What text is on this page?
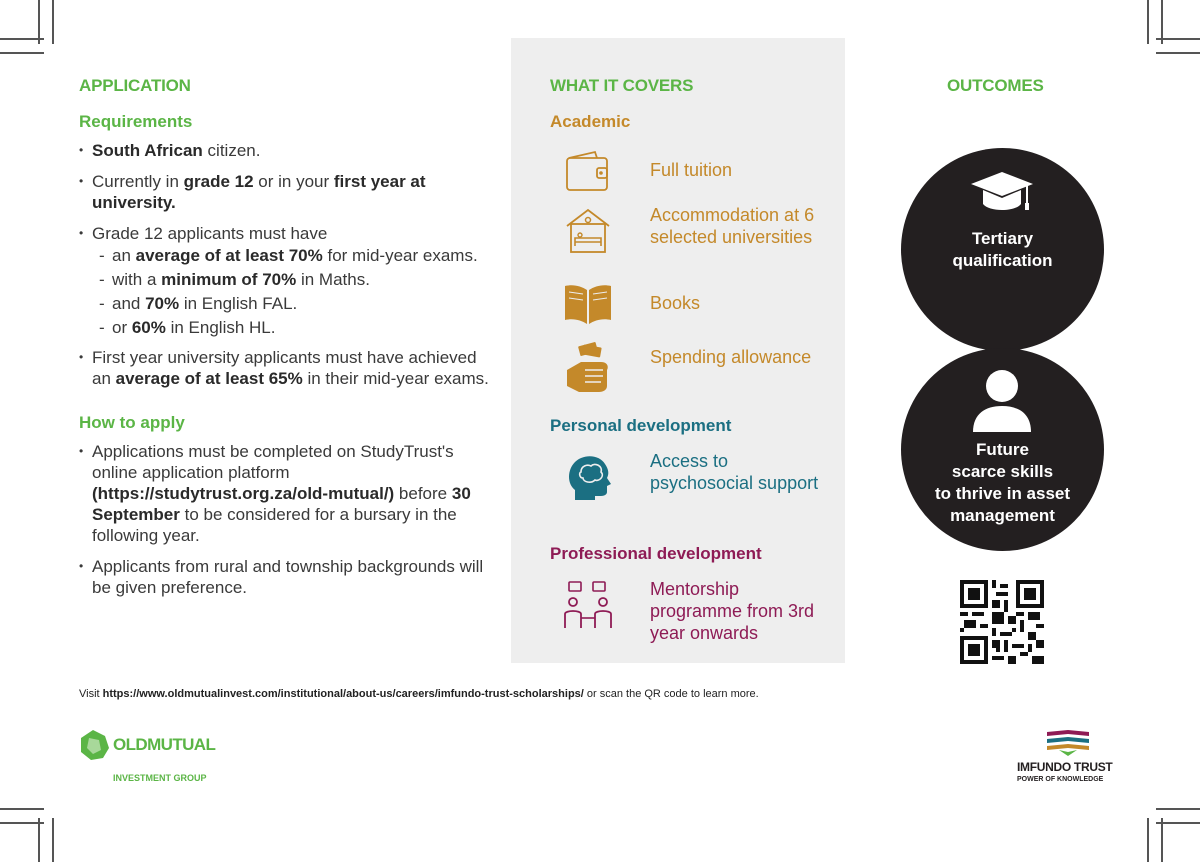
APPLICATION
Requirements
• South African citizen.
• Currently in grade 12 or in your first year at university.
• Grade 12 applicants must have
- an average of at least 70% for mid-year exams.
- with a minimum of 70% in Maths.
- and 70% in English FAL.
- or 60% in English HL.
• First year university applicants must have achieved an average of at least 65% in their mid-year exams.
How to apply
• Applications must be completed on StudyTrust's online application platform (https://studytrust.org.za/old-mutual/) before 30 September to be considered for a bursary in the following year.
• Applicants from rural and township backgrounds will be given preference.
WHAT IT COVERS
Academic
Full tuition
Accommodation at 6 selected universities
Books
Spending allowance
Personal development
Access to psychosocial support
Professional development
Mentorship programme from 3rd year onwards
OUTCOMES
Tertiary
qualification
Future
scarce skills
to thrive in asset
management
Visit https://www.oldmutualinvest.com/institutional/about-us/careers/imfundo-trust-scholarships/ or scan the QR code to learn more.
OLDMUTUAL
INVESTMENT GROUP
IMFUNDO TRUST
POWER OF KNOWLEDGE
